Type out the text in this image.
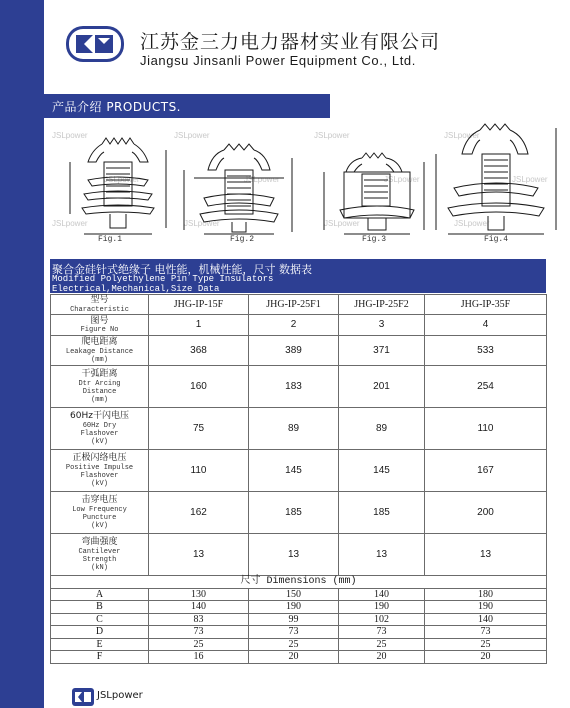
江苏金三力电力器材实业有限公司
Jiangsu Jinsanli Power Equipment Co., Ltd.
产品介绍 PRODUCTS.
JSLpower	JSLpower	JSLpower	JSLpower
JSLpower	JSLpower	JSLpower	JSLpower
JSLpower	JSLpower	JSLpower	JSLpower
Fig.1	Fig.2	Fig.3	Fig.4
聚合金硅针式绝缘子 电性能，机械性能，尺寸 数据表
Modified Polyethylene Pin Type Insulators
Electrical,Mechanical,Size Data
型号
Characteristic	JHG-IP-15F	JHG-IP-25F1	JHG-IP-25F2	JHG-IP-35F

图号
Figure No	1	2	3	4

爬电距离
Leakage Distance
(mm)	368	389	371	533

干弧距离
Dtr Arcing
Distance
(mm)	160	183	201	254

60Hz干闪电压
60Hz Dry
Flashover
(kV)	75	89	89	110

正极闪络电压
Positive Impulse
Flashover
(kV)	110	145	145	167

击穿电压
Low Frequency
Puncture
(kV)	162	185	185	200

弯曲强度
Cantilever
Strength
(kN)	13	13	13	13
尺寸 Dimensions (mm)				
A	130	150	140	180
B	140	190	190	190
C	83	99	102	140
D	73	73	73	73
E	25	25	25	25
F	16	20	20	20
JSLpower
